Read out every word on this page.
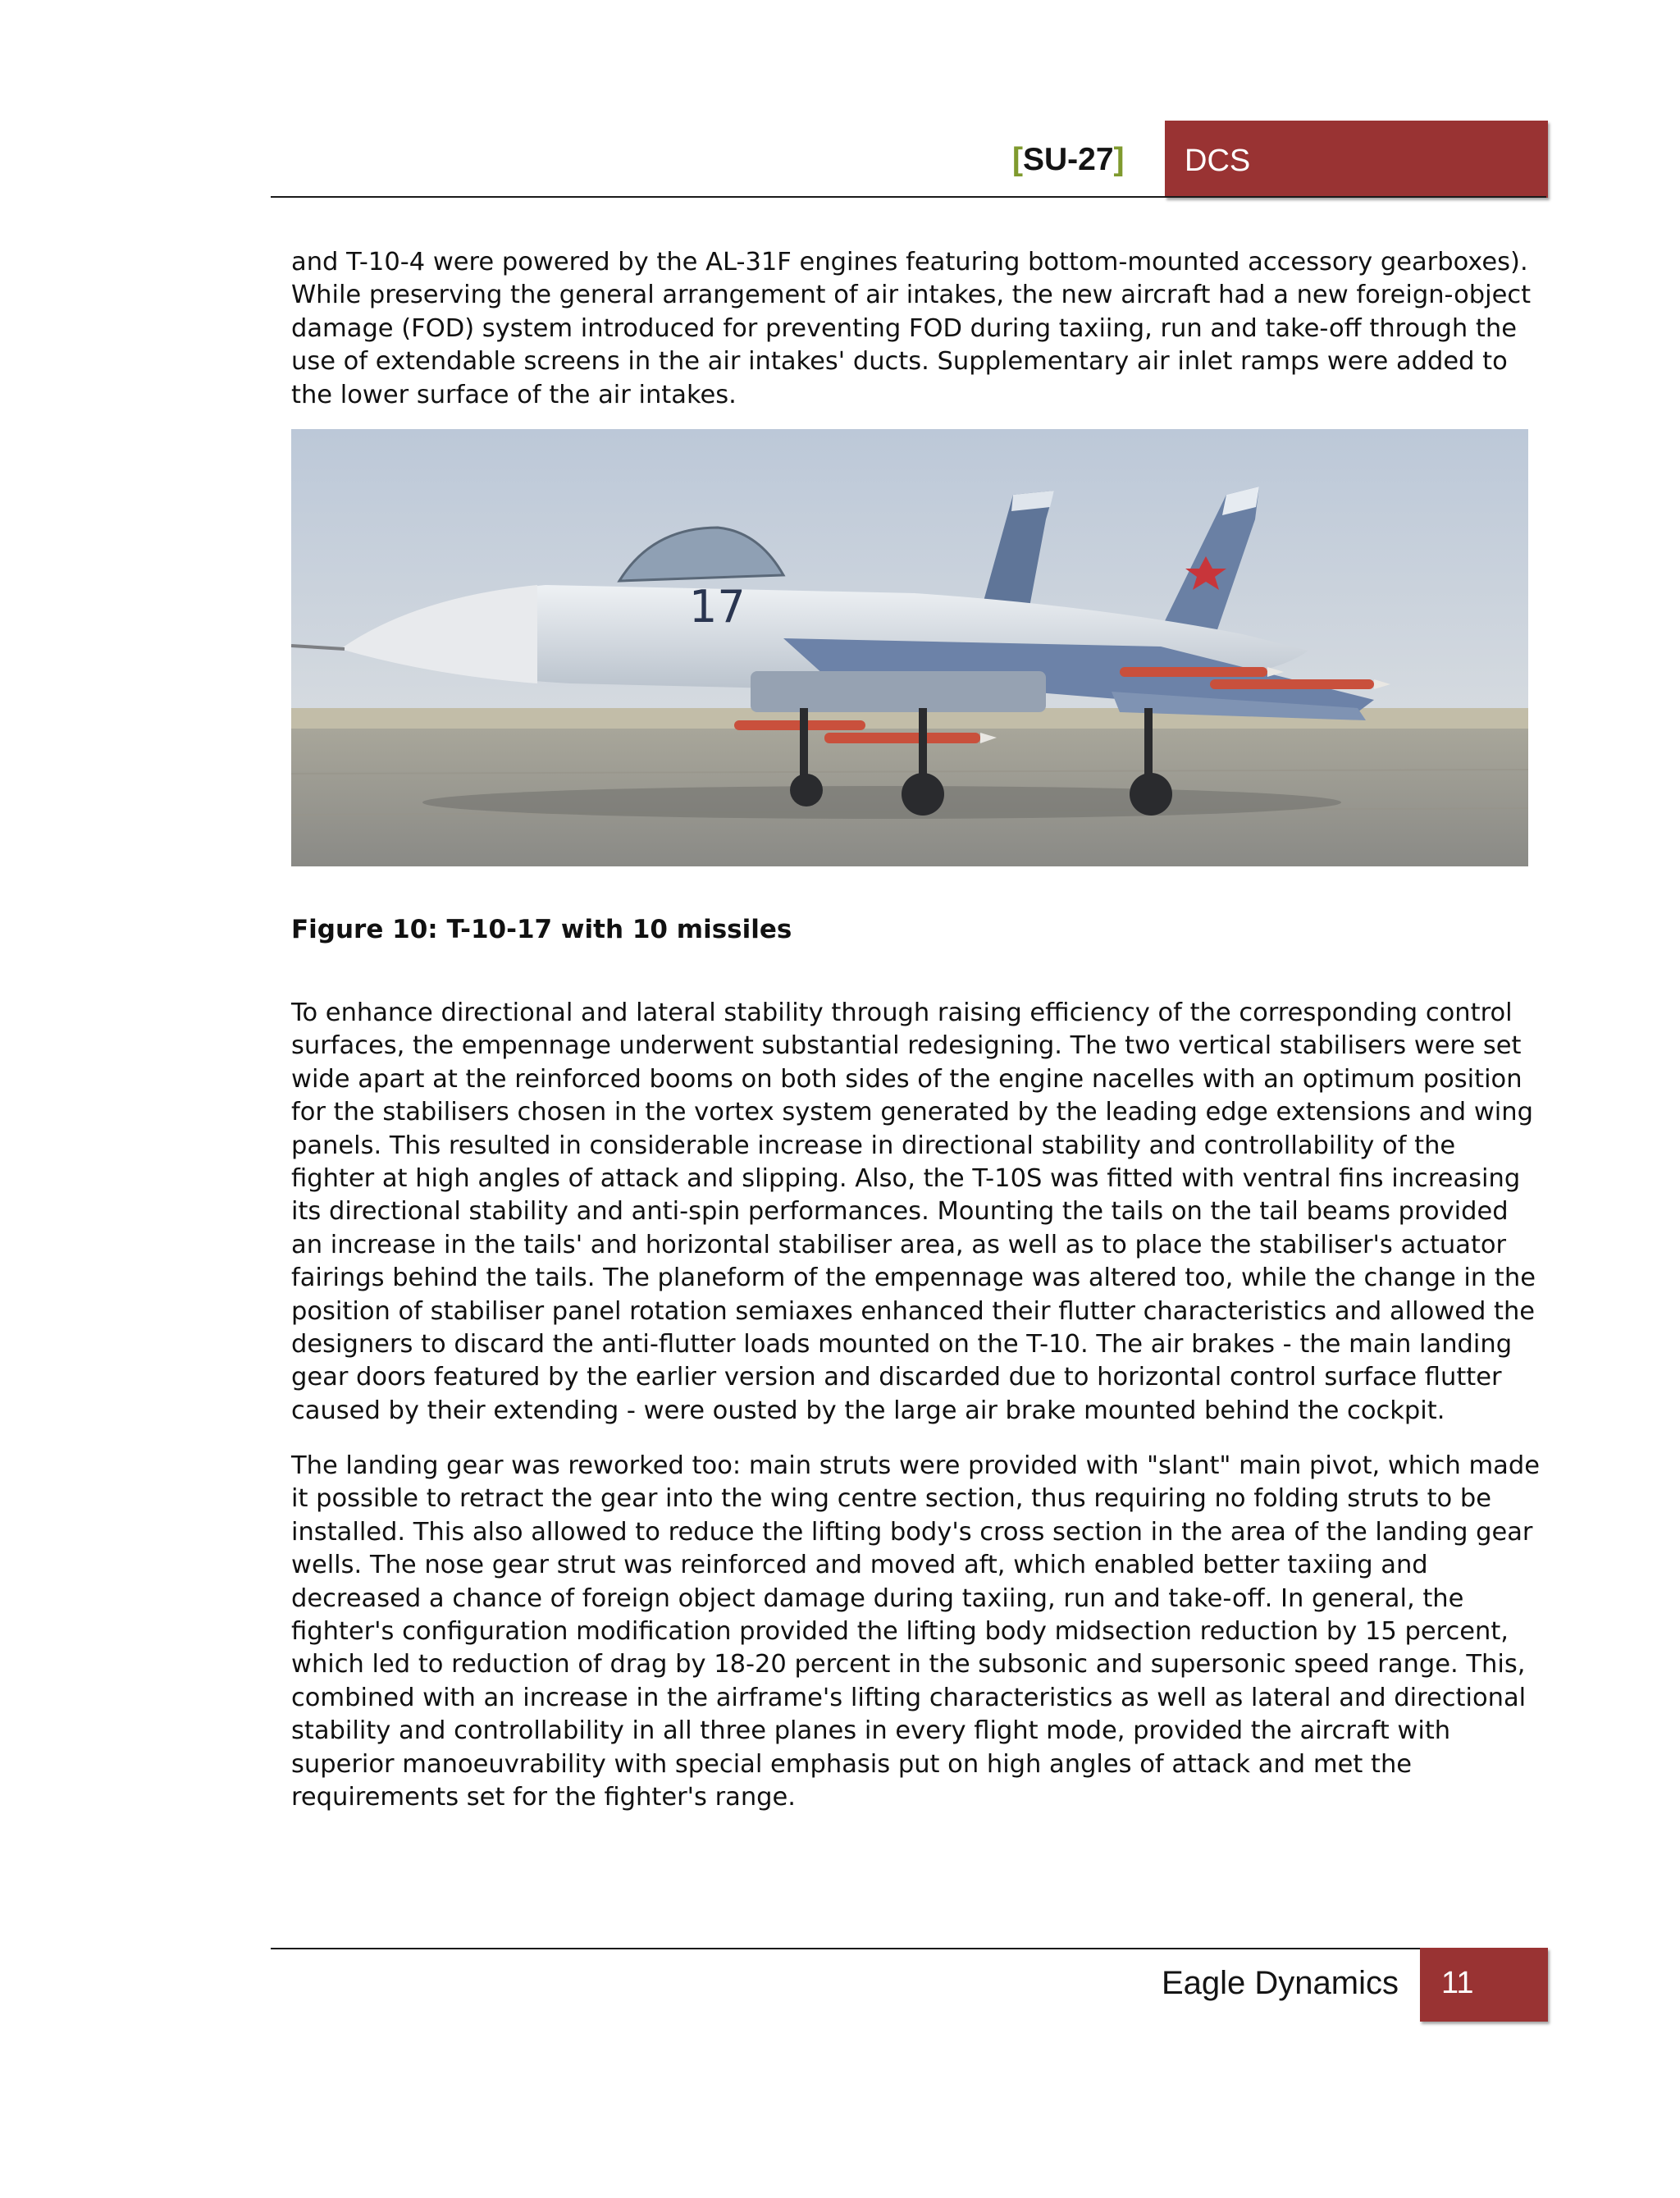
[SU-27] DCS

and T-10-4 were powered by the AL-31F engines featuring bottom-mounted accessory gearboxes). While preserving the general arrangement of air intakes, the new aircraft had a new foreign-object damage (FOD) system introduced for preventing FOD during taxiing, run and take-off through the use of extendable screens in the air intakes' ducts. Supplementary air inlet ramps were added to the lower surface of the air intakes.

17
Figure 10: T-10-17 with 10 missiles

To enhance directional and lateral stability through raising efficiency of the corresponding control surfaces, the empennage underwent substantial redesigning. The two vertical stabilisers were set wide apart at the reinforced booms on both sides of the engine nacelles with an optimum position for the stabilisers chosen in the vortex system generated by the leading edge extensions and wing panels. This resulted in considerable increase in directional stability and controllability of the fighter at high angles of attack and slipping. Also, the T-10S was fitted with ventral fins increasing its directional stability and anti-spin performances. Mounting the tails on the tail beams provided an increase in the tails' and horizontal stabiliser area, as well as to place the stabiliser's actuator fairings behind the tails. The planeform of the empennage was altered too, while the change in the position of stabiliser panel rotation semiaxes enhanced their flutter characteristics and allowed the designers to discard the anti-flutter loads mounted on the T-10. The air brakes - the main landing gear doors featured by the earlier version and discarded due to horizontal control surface flutter caused by their extending - were ousted by the large air brake mounted behind the cockpit.

The landing gear was reworked too: main struts were provided with "slant" main pivot, which made it possible to retract the gear into the wing centre section, thus requiring no folding struts to be installed. This also allowed to reduce the lifting body's cross section in the area of the landing gear wells. The nose gear strut was reinforced and moved aft, which enabled better taxiing and decreased a chance of foreign object damage during taxiing, run and take-off. In general, the fighter's configuration modification provided the lifting body midsection reduction by 15 percent, which led to reduction of drag by 18-20 percent in the subsonic and supersonic speed range. This, combined with an increase in the airframe's lifting characteristics as well as lateral and directional stability and controllability in all three planes in every flight mode, provided the aircraft with superior manoeuvrability with special emphasis put on high angles of attack and met the requirements set for the fighter's range.

Eagle Dynamics 11
